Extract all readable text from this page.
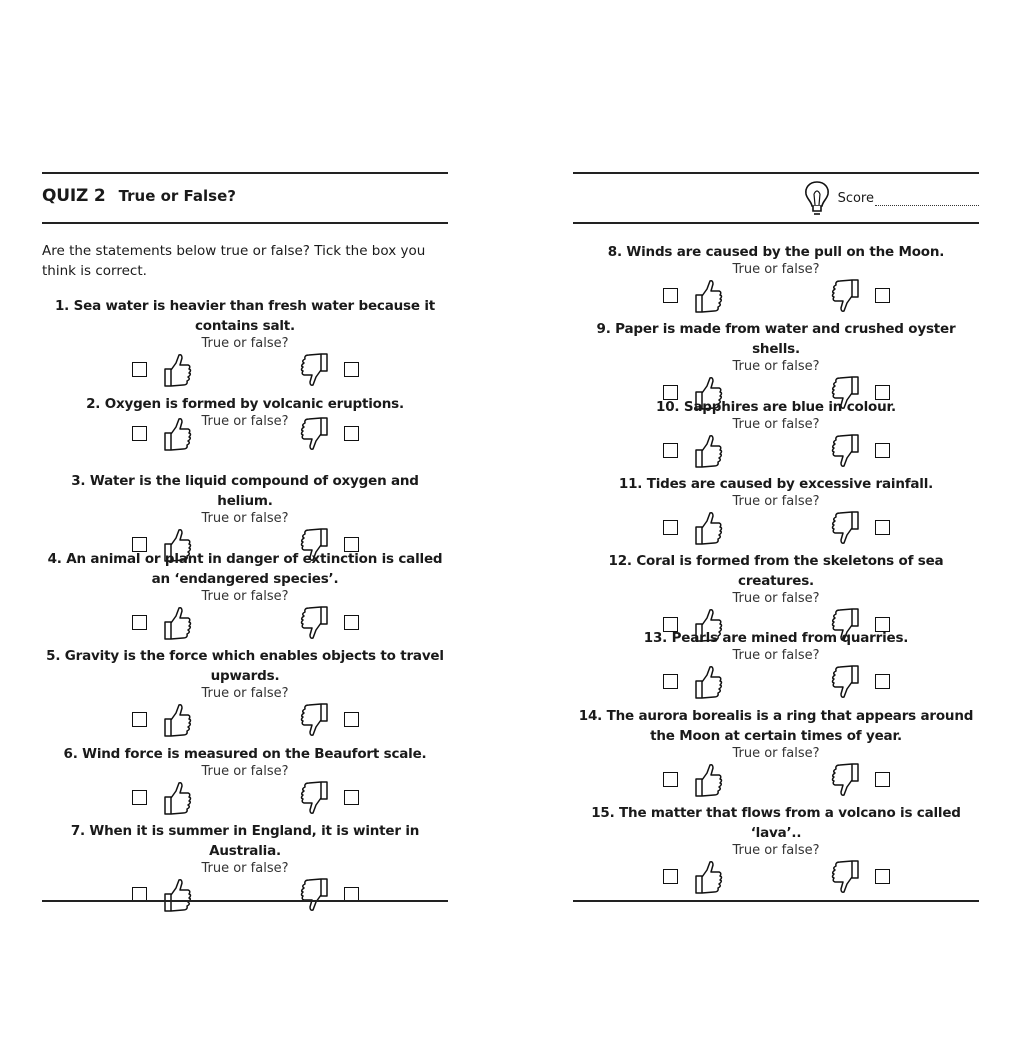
QUIZ 2 True or False?
Are the statements below true or false? Tick the box you think is correct.
1. Sea water is heavier than fresh water because it contains salt.
True or false?
2. Oxygen is formed by volcanic eruptions.
True or false?
3. Water is the liquid compound of oxygen and helium.
True or false?
4. An animal or plant in danger of extinction is called an ‘endangered species’.
True or false?
5. Gravity is the force which enables objects to travel upwards.
True or false?
6. Wind force is measured on the Beaufort scale.
True or false?
7. When it is summer in England, it is winter in Australia.
True or false?
Score
8. Winds are caused by the pull on the Moon.
True or false?
9. Paper is made from water and crushed oyster shells.
True or false?
10. Sapphires are blue in colour.
True or false?
11. Tides are caused by excessive rainfall.
True or false?
12. Coral is formed from the skeletons of sea creatures.
True or false?
13. Pearls are mined from quarries.
True or false?
14. The aurora borealis is a ring that appears around the Moon at certain times of year.
True or false?
15. The matter that flows from a volcano is called ‘lava’..
True or false?
